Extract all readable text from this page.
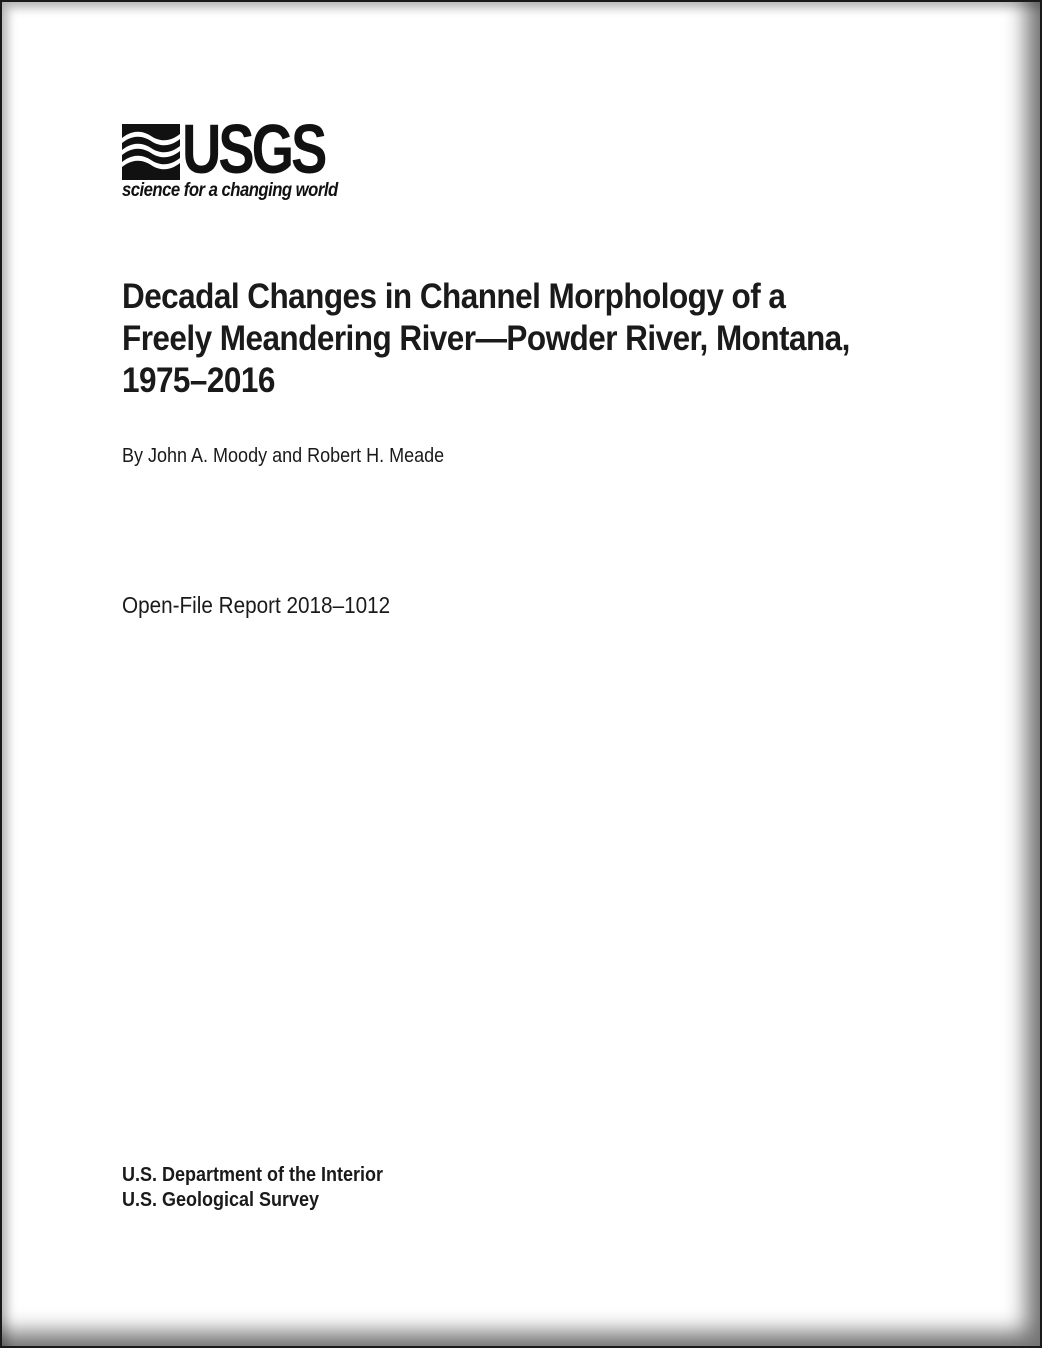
USGS
science for a changing world
Decadal Changes in Channel Morphology of a
Freely Meandering River—Powder River, Montana,
1975–2016
By John A. Moody and Robert H. Meade
Open-File Report 2018–1012
U.S. Department of the Interior
U.S. Geological Survey
